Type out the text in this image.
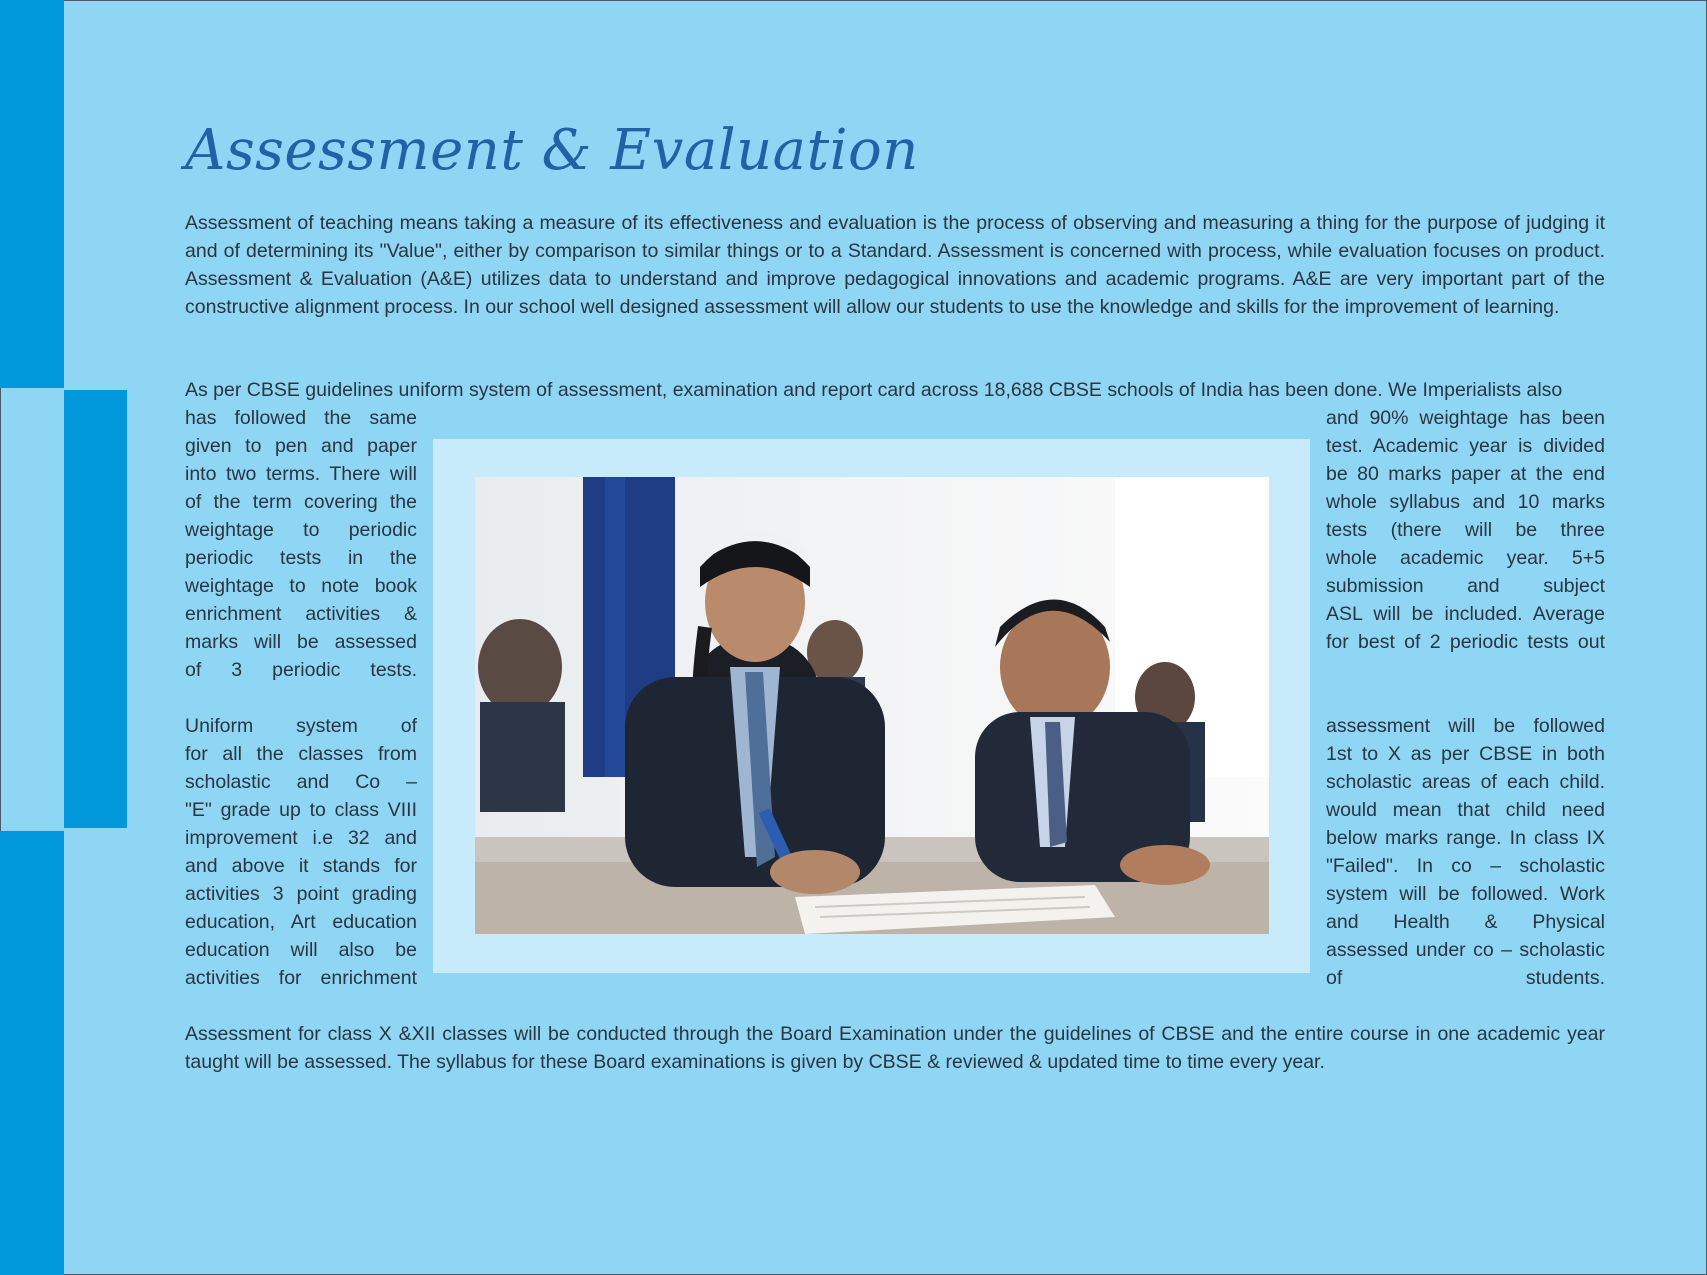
Assessment & Evaluation

Assessment of teaching means taking a measure of its effectiveness and evaluation is the process of observing and measuring a thing for the purpose of judging it and of determining its "Value", either by comparison to similar things or to a Standard. Assessment is concerned with process, while evaluation focuses on product. Assessment & Evaluation (A&E) utilizes data to understand and improve pedagogical innovations and academic programs. A&E are very important part of the constructive alignment process. In our school well designed assessment will allow our students to use the knowledge and skills for the improvement of learning.

As per CBSE guidelines uniform system of assessment, examination and report card across 18,688 CBSE schools of India has been done. We Imperialists also

has followed the same
given to pen and paper
into two terms. There will
of the term covering the
weightage to periodic
periodic tests in the
weightage to note book
enrichment activities &
marks will be assessed
of 3 periodic tests.
and 90% weightage has been
test. Academic year is divided
be 80 marks paper at the end
whole syllabus and 10 marks
tests (there will be three
whole academic year. 5+5
submission and subject
ASL will be included. Average
for best of 2 periodic tests out
Uniform system of
for all the classes from
scholastic and Co –
"E" grade up to class VIII
improvement i.e 32 and
and above it stands for
activities 3 point grading
education, Art education
education will also be
activities for enrichment
assessment will be followed
1st to X as per CBSE in both
scholastic areas of each child.
would mean that child need
below marks range. In class IX
"Failed". In co – scholastic
system will be followed. Work
and Health & Physical
assessed under co – scholastic
of students.

Assessment for class X &XII classes will be conducted through the Board Examination under the guidelines of CBSE and the entire course in one academic year taught will be assessed. The syllabus for these Board examinations is given by CBSE & reviewed & updated time to time every year.
